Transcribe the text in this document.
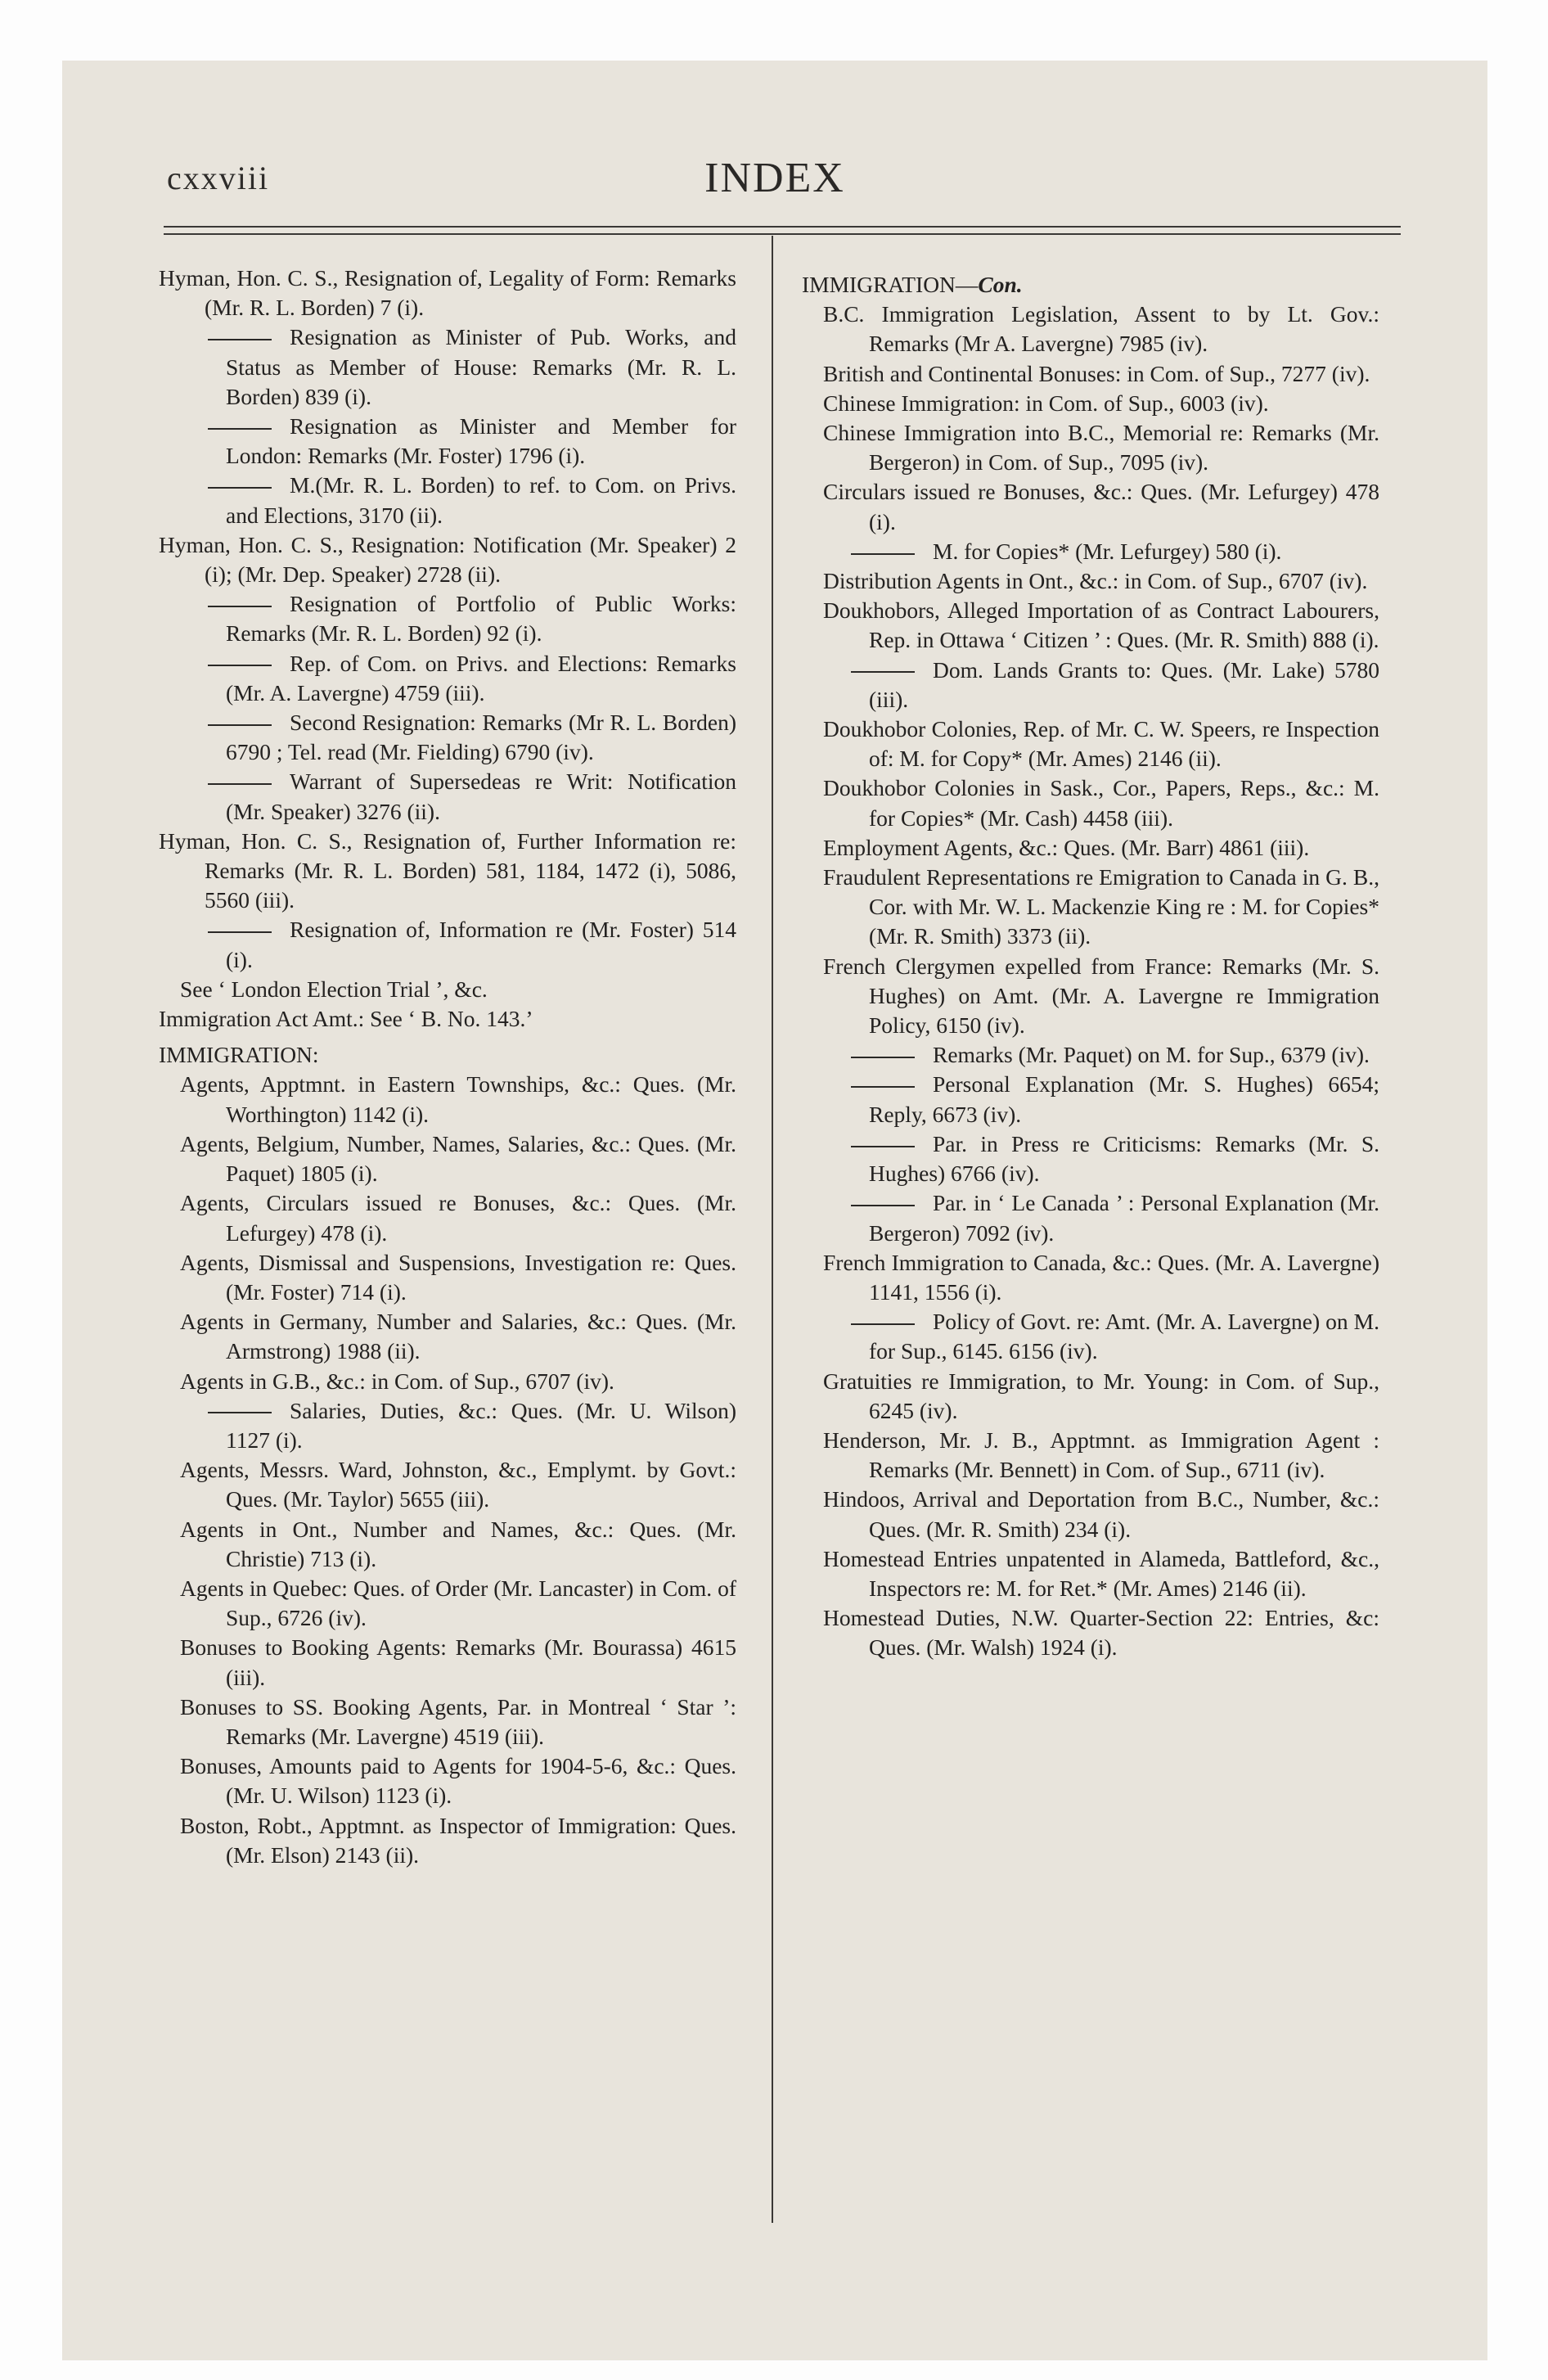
cxxviii	INDEX
Hyman, Hon. C. S., Resignation of, Legality of Form: Remarks (Mr. R. L. Borden) 7 (i).
Resignation as Minister of Pub. Works, and Status as Member of House: Remarks (Mr. R. L. Borden) 839 (i).
Resignation as Minister and Member for London: Remarks (Mr. Foster) 1796 (i).
M.(Mr. R. L. Borden) to ref. to Com. on Privs. and Elections, 3170 (ii).
Hyman, Hon. C. S., Resignation: Notification (Mr. Speaker) 2 (i); (Mr. Dep. Speaker) 2728 (ii).
Resignation of Portfolio of Public Works: Remarks (Mr. R. L. Borden) 92 (i).
Rep. of Com. on Privs. and Elections: Remarks (Mr. A. Lavergne) 4759 (iii).
Second Resignation: Remarks (Mr R. L. Borden) 6790 ; Tel. read (Mr. Fielding) 6790 (iv).
Warrant of Supersedeas re Writ: Notification (Mr. Speaker) 3276 (ii).
Hyman, Hon. C. S., Resignation of, Further Information re: Remarks (Mr. R. L. Borden) 581, 1184, 1472 (i), 5086, 5560 (iii).
Resignation of, Information re (Mr. Foster) 514 (i).
See ‘ London Election Trial ’, &c.
Immigration Act Amt.: See ‘ B. No. 143.’
IMMIGRATION:
Agents, Apptmnt. in Eastern Townships, &c.: Ques. (Mr. Worthington) 1142 (i).
Agents, Belgium, Number, Names, Salaries, &c.: Ques. (Mr. Paquet) 1805 (i).
Agents, Circulars issued re Bonuses, &c.: Ques. (Mr. Lefurgey) 478 (i).
Agents, Dismissal and Suspensions, Investigation re: Ques. (Mr. Foster) 714 (i).
Agents in Germany, Number and Salaries, &c.: Ques. (Mr. Armstrong) 1988 (ii).
Agents in G.B., &c.: in Com. of Sup., 6707 (iv).
Salaries, Duties, &c.: Ques. (Mr. U. Wilson) 1127 (i).
Agents, Messrs. Ward, Johnston, &c., Emplymt. by Govt.: Ques. (Mr. Taylor) 5655 (iii).
Agents in Ont., Number and Names, &c.: Ques. (Mr. Christie) 713 (i).
Agents in Quebec: Ques. of Order (Mr. Lancaster) in Com. of Sup., 6726 (iv).
Bonuses to Booking Agents: Remarks (Mr. Bourassa) 4615 (iii).
Bonuses to SS. Booking Agents, Par. in Montreal ‘ Star ’: Remarks (Mr. Lavergne) 4519 (iii).
Bonuses, Amounts paid to Agents for 1904-5-6, &c.: Ques. (Mr. U. Wilson) 1123 (i).
Boston, Robt., Apptmnt. as Inspector of Immigration: Ques. (Mr. Elson) 2143 (ii).
IMMIGRATION—Con.
B.C. Immigration Legislation, Assent to by Lt. Gov.: Remarks (Mr A. Lavergne) 7985 (iv).
British and Continental Bonuses: in Com. of Sup., 7277 (iv).
Chinese Immigration: in Com. of Sup., 6003 (iv).
Chinese Immigration into B.C., Memorial re: Remarks (Mr. Bergeron) in Com. of Sup., 7095 (iv).
Circulars issued re Bonuses, &c.: Ques. (Mr. Lefurgey) 478 (i).
M. for Copies* (Mr. Lefurgey) 580 (i).
Distribution Agents in Ont., &c.: in Com. of Sup., 6707 (iv).
Doukhobors, Alleged Importation of as Contract Labourers, Rep. in Ottawa ‘ Citizen ’ : Ques. (Mr. R. Smith) 888 (i).
Dom. Lands Grants to: Ques. (Mr. Lake) 5780 (iii).
Doukhobor Colonies, Rep. of Mr. C. W. Speers, re Inspection of: M. for Copy* (Mr. Ames) 2146 (ii).
Doukhobor Colonies in Sask., Cor., Papers, Reps., &c.: M. for Copies* (Mr. Cash) 4458 (iii).
Employment Agents, &c.: Ques. (Mr. Barr) 4861 (iii).
Fraudulent Representations re Emigration to Canada in G. B., Cor. with Mr. W. L. Mackenzie King re : M. for Copies* (Mr. R. Smith) 3373 (ii).
French Clergymen expelled from France: Remarks (Mr. S. Hughes) on Amt. (Mr. A. Lavergne re Immigration Policy, 6150 (iv).
Remarks (Mr. Paquet) on M. for Sup., 6379 (iv).
Personal Explanation (Mr. S. Hughes) 6654; Reply, 6673 (iv).
Par. in Press re Criticisms: Remarks (Mr. S. Hughes) 6766 (iv).
Par. in ‘ Le Canada ’ : Personal Explanation (Mr. Bergeron) 7092 (iv).
French Immigration to Canada, &c.: Ques. (Mr. A. Lavergne) 1141, 1556 (i).
Policy of Govt. re: Amt. (Mr. A. Lavergne) on M. for Sup., 6145. 6156 (iv).
Gratuities re Immigration, to Mr. Young: in Com. of Sup., 6245 (iv).
Henderson, Mr. J. B., Apptmnt. as Immigration Agent : Remarks (Mr. Bennett) in Com. of Sup., 6711 (iv).
Hindoos, Arrival and Deportation from B.C., Number, &c.: Ques. (Mr. R. Smith) 234 (i).
Homestead Entries unpatented in Alameda, Battleford, &c., Inspectors re: M. for Ret.* (Mr. Ames) 2146 (ii).
Homestead Duties, N.W. Quarter-Section 22: Entries, &c: Ques. (Mr. Walsh) 1924 (i).
